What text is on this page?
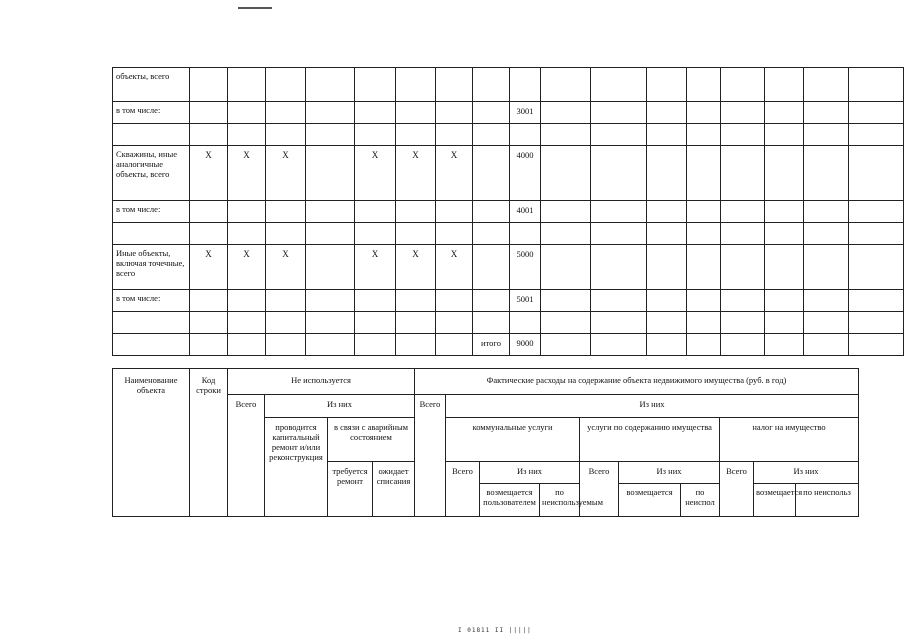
объекты, всего																	
в том числе:									3001								

Скважины, иные аналогичные объекты, всего	X	X	X		X	X	X		4000								
в том числе:									4001								

Иные объекты, включая точечные, всего	X	X	X		X	X	X		5000								
в том числе:									5001								

								итого	9000								
Наименование объекта	Код строки	Не используется				Фактические расходы на содержание объекта недвижимого имущества (руб. в год)									
		Всего	Из них			Всего	Из них								
			проводится капитальный ремонт и/или реконструкция	в связи с аварийным состоянием			коммунальные услуги			услуги по содержанию имущества			налог на имущество		
				требуется ремонт	ожидает списания		Всего	Из них		Всего	Из них		Всего	Из них	
								возмещается пользователем	по неиспользуемым		возмещается	по неиспол		возмещается	по неиспольз
I 01811 II |||||
